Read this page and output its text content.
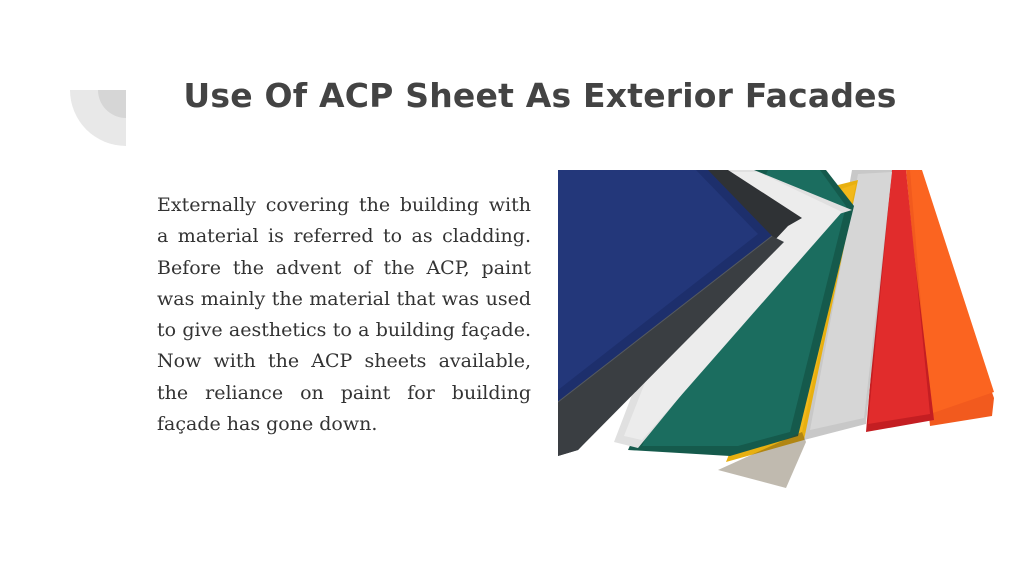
Use Of ACP Sheet As Exterior Facades

Externally covering the building with a material is referred to as cladding. Before the advent of the ACP, paint was mainly the material that was used to give aesthetics to a building façade. Now with the ACP sheets available, the reliance on paint for building façade has gone down.
